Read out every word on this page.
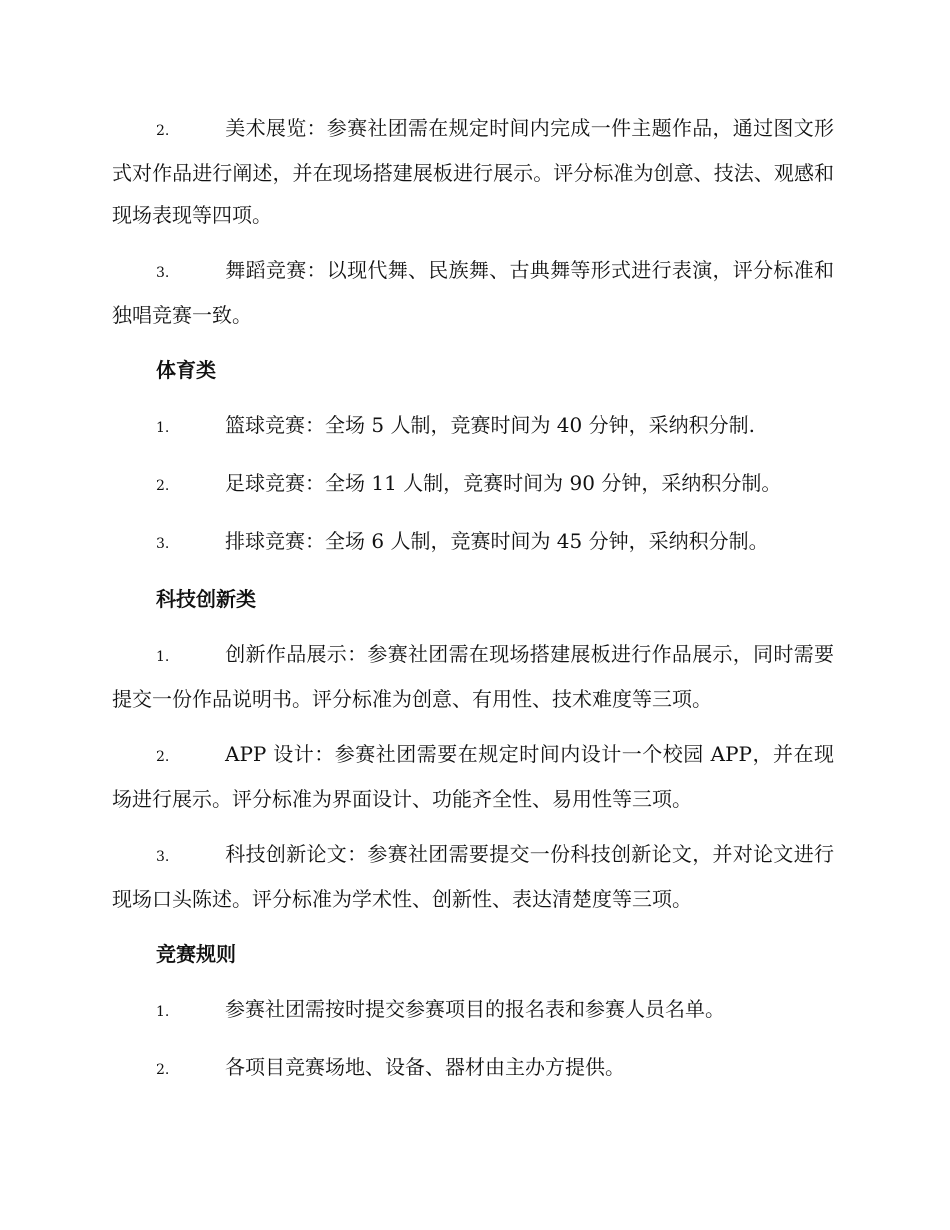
2.	美术展览：参赛社团需在规定时间内完成一件主题作品，通过图文形式对作品进行阐述，并在现场搭建展板进行展示。评分标准为创意、技法、观感和现场表现等四项。

3.	舞蹈竞赛：以现代舞、民族舞、古典舞等形式进行表演，评分标准和独唱竞赛一致。

体育类

1.	篮球竞赛：全场 5 人制，竞赛时间为 40 分钟，采纳积分制.

2.	足球竞赛：全场 11 人制，竞赛时间为 90 分钟，采纳积分制。

3.	排球竞赛：全场 6 人制，竞赛时间为 45 分钟，采纳积分制。

科技创新类

1.	创新作品展示：参赛社团需在现场搭建展板进行作品展示，同时需要提交一份作品说明书。评分标准为创意、有用性、技术难度等三项。

2.	APP 设计：参赛社团需要在规定时间内设计一个校园 APP，并在现场进行展示。评分标准为界面设计、功能齐全性、易用性等三项。

3.	科技创新论文：参赛社团需要提交一份科技创新论文，并对论文进行现场口头陈述。评分标准为学术性、创新性、表达清楚度等三项。

竞赛规则

1.	参赛社团需按时提交参赛项目的报名表和参赛人员名单。

2.	各项目竞赛场地、设备、器材由主办方提供。
